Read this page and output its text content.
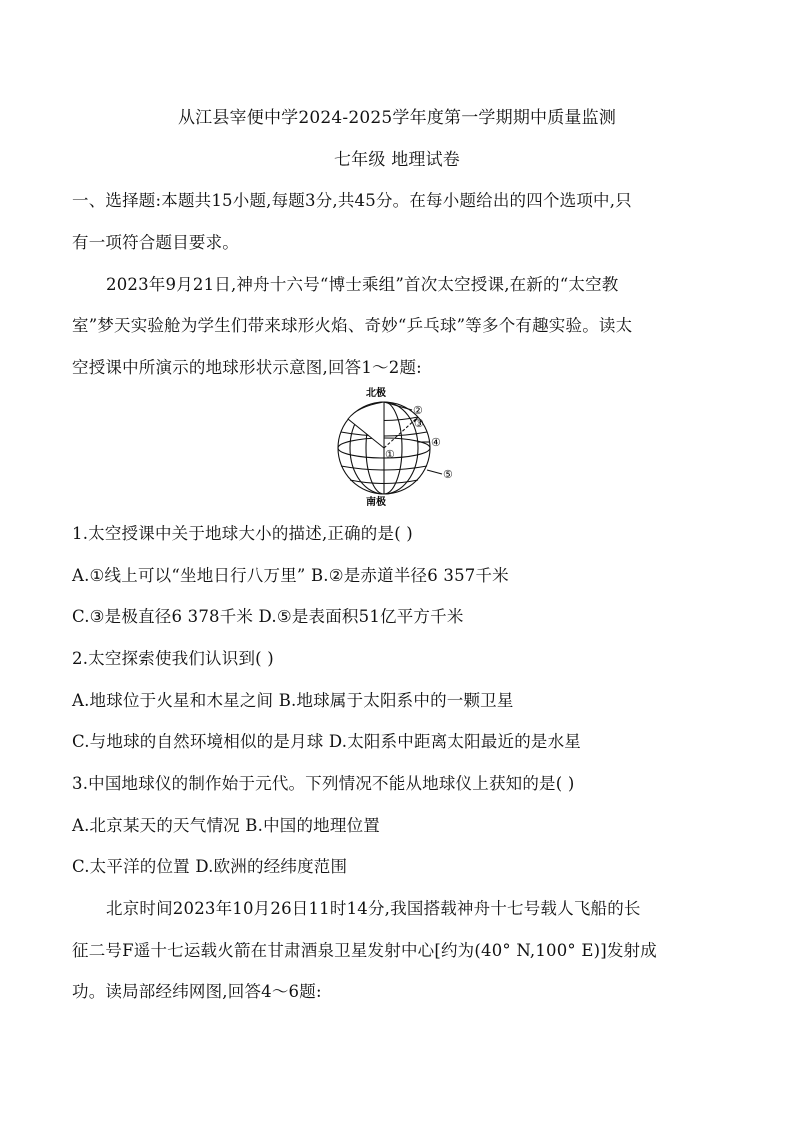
从江县宰便中学2024-2025学年度第一学期期中质量监测
七年级 地理试卷
一、选择题:本题共15小题,每题3分,共45分。在每小题给出的四个选项中,只
有一项符合题目要求。
2023年9月21日,神舟十六号“博士乘组”首次太空授课,在新的“太空教
室”梦天实验舱为学生们带来球形火焰、奇妙“乒乓球”等多个有趣实验。读太
空授课中所演示的地球形状示意图,回答1～2题:
北极
南极
①
②
③
④
⑤
1.太空授课中关于地球大小的描述,正确的是( )
A.①线上可以“坐地日行八万里” B.②是赤道半径6 357千米
C.③是极直径6 378千米 D.⑤是表面积51亿平方千米
2.太空探索使我们认识到( )
A.地球位于火星和木星之间 B.地球属于太阳系中的一颗卫星
C.与地球的自然环境相似的是月球 D.太阳系中距离太阳最近的是水星
3.中国地球仪的制作始于元代。下列情况不能从地球仪上获知的是( )
A.北京某天的天气情况 B.中国的地理位置
C.太平洋的位置 D.欧洲的经纬度范围
北京时间2023年10月26日11时14分,我国搭载神舟十七号载人飞船的长
征二号F遥十七运载火箭在甘肃酒泉卫星发射中心[约为(40° N,100° E)]发射成
功。读局部经纬网图,回答4～6题:
